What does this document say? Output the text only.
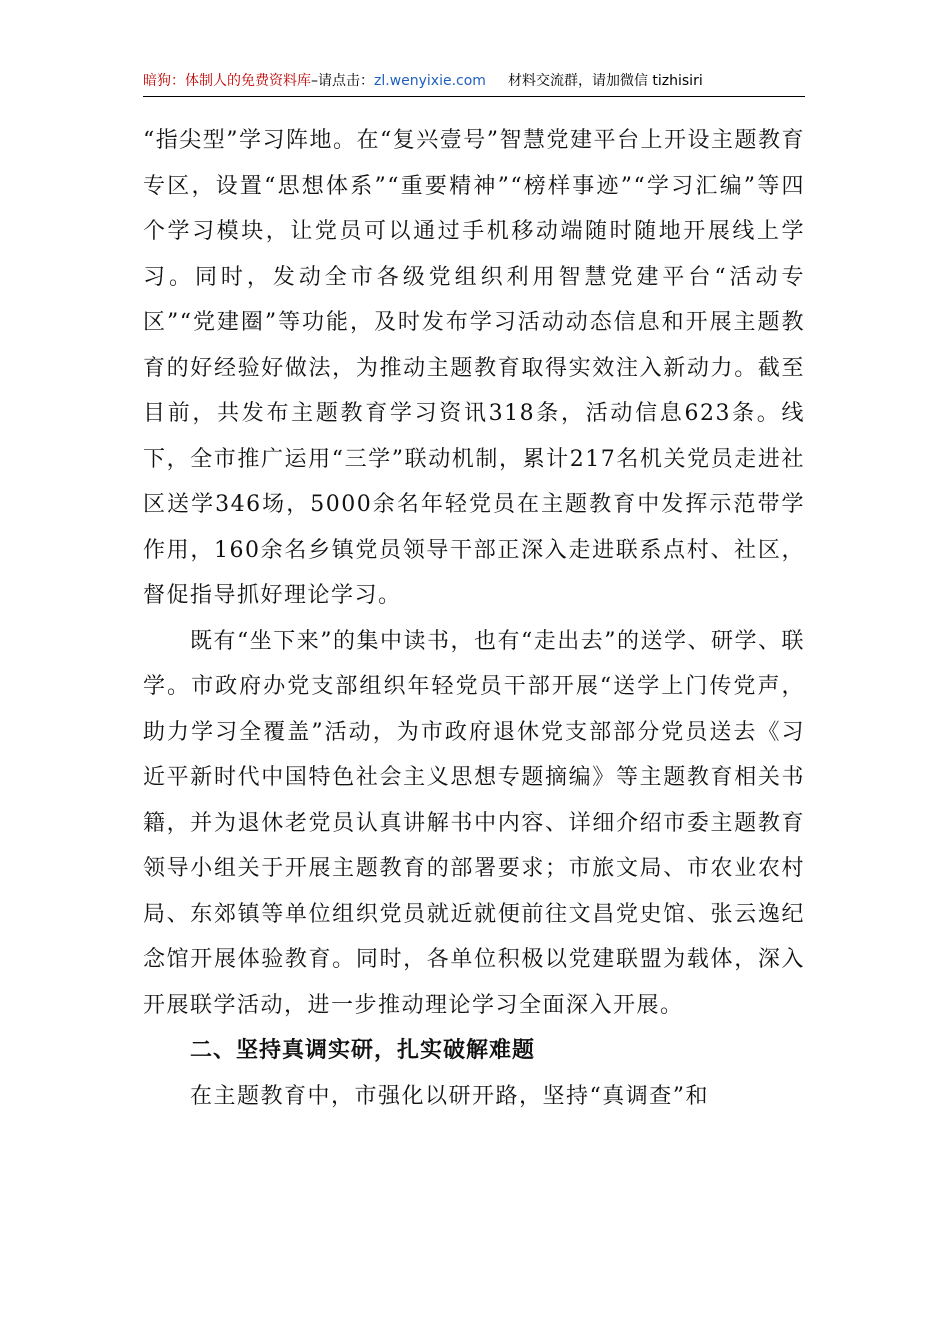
暗狗：体制人的免费资料库–请点击：zl.wenyixie.com 材料交流群，请加微信 tizhisiri

“指尖型”学习阵地。在“复兴壹号”智慧党建平台上开设主题教育专区，设置“思想体系”“重要精神”“榜样事迹”“学习汇编”等四个学习模块，让党员可以通过手机移动端随时随地开展线上学习。同时，发动全市各级党组织利用智慧党建平台“活动专区”“党建圈”等功能，及时发布学习活动动态信息和开展主题教育的好经验好做法，为推动主题教育取得实效注入新动力。截至目前，共发布主题教育学习资讯318条，活动信息623条。线下，全市推广运用“三学”联动机制，累计217名机关党员走进社区送学346场，5000余名年轻党员在主题教育中发挥示范带学作用，160余名乡镇党员领导干部正深入走进联系点村、社区，督促指导抓好理论学习。

既有“坐下来”的集中读书，也有“走出去”的送学、研学、联学。市政府办党支部组织年轻党员干部开展“送学上门传党声，助力学习全覆盖”活动，为市政府退休党支部部分党员送去《习近平新时代中国特色社会主义思想专题摘编》等主题教育相关书籍，并为退休老党员认真讲解书中内容、详细介绍市委主题教育领导小组关于开展主题教育的部署要求；市旅文局、市农业农村局、东郊镇等单位组织党员就近就便前往文昌党史馆、张云逸纪念馆开展体验教育。同时，各单位积极以党建联盟为载体，深入开展联学活动，进一步推动理论学习全面深入开展。

二、坚持真调实研，扎实破解难题

在主题教育中，市强化以研开路，坚持“真调查”和
